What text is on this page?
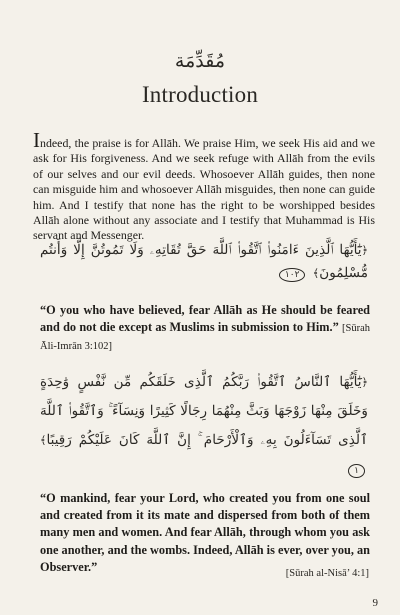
مُقَدِّمَة
Introduction

Indeed, the praise is for Allāh. We praise Him, we seek His aid and we ask for His forgiveness. And we seek refuge with Allāh from the evils of our selves and our evil deeds. Whosoever Allāh guides, then none can misguide him and whosoever Allāh misguides, then none can guide him. And I testify that none has the right to be worshipped besides Allāh alone without any associate and I testify that Muhammad is His servant and Messenger.

﴿يَٰٓأَيُّهَا ٱلَّذِينَ ءَامَنُوا۟ ٱتَّقُوا۟ ٱللَّهَ حَقَّ تُقَاتِهِۦ وَلَا تَمُوتُنَّ إِلَّا وَأَنتُم مُّسْلِمُونَ﴾ ١٠٢

“O you who have believed, fear Allāh as He should be feared and do not die except as Muslims in submission to Him.” [Sūrah Āli-Imrān 3:102]

﴿يَٰٓأَيُّهَا ٱلنَّاسُ ٱتَّقُوا۟ رَبَّكُمُ ٱلَّذِى خَلَقَكُم مِّن نَّفْسٍ وَٰحِدَةٍ وَخَلَقَ مِنْهَا زَوْجَهَا وَبَثَّ مِنْهُمَا رِجَالًا كَثِيرًا وَنِسَآءً ۚ وَٱتَّقُوا۟ ٱللَّهَ ٱلَّذِى تَسَآءَلُونَ بِهِۦ وَٱلْأَرْحَامَ ۚ إِنَّ ٱللَّهَ كَانَ عَلَيْكُمْ رَقِيبًا﴾ ١

“O mankind, fear your Lord, who created you from one soul and created from it its mate and dispersed from both of them many men and women. And fear Allāh, through whom you ask one another, and the wombs. Indeed, Allāh is ever, over you, an Observer.”	[Sūrah al-Nisā’ 4:1]
9
